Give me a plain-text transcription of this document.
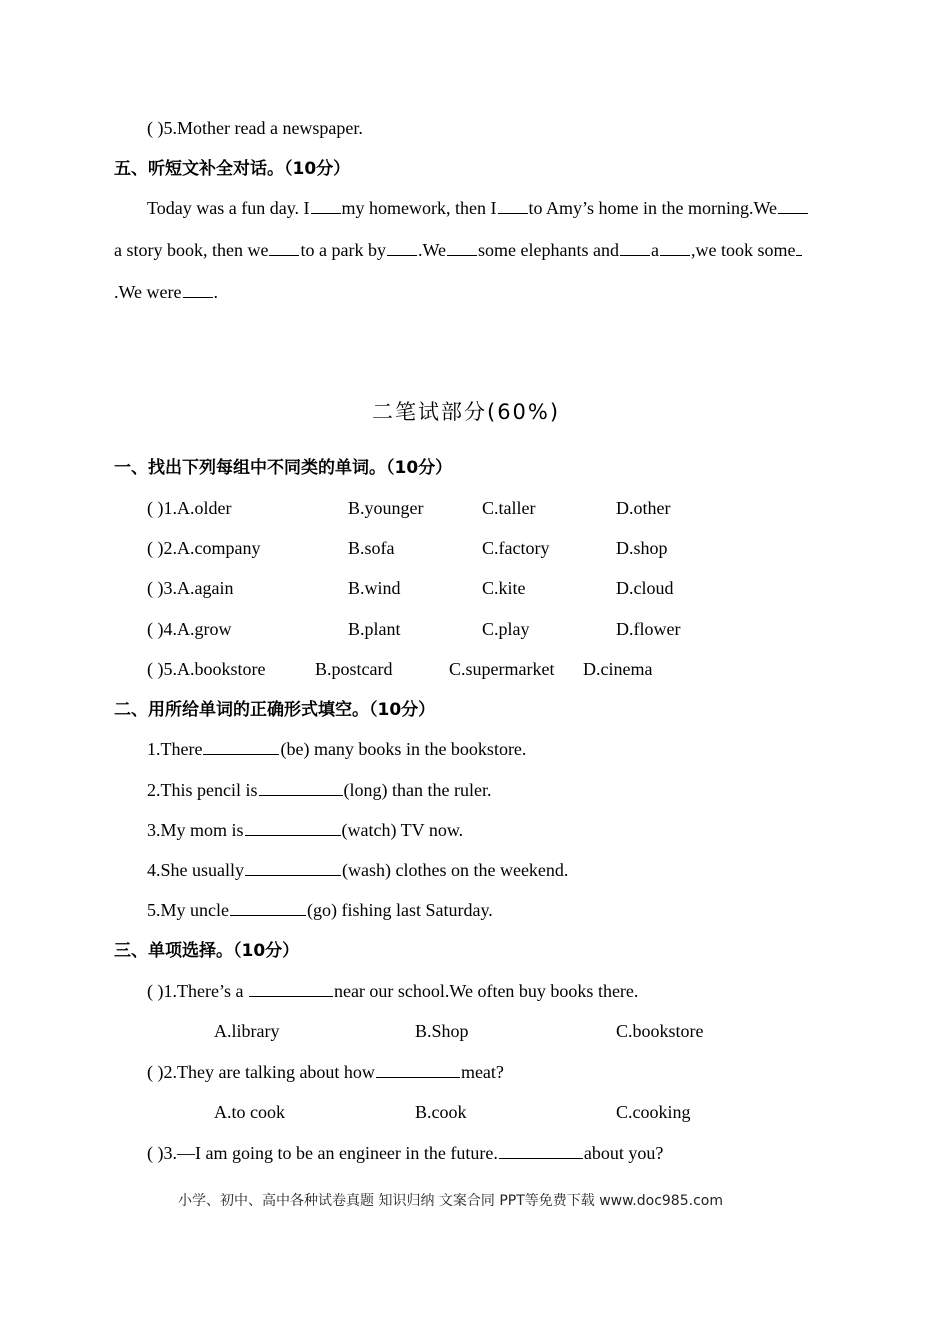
( )5.Mother read a newspaper.
五、听短文补全对话。（10分）
Today was a fun day. I my homework, then I to Amy’s home in the morning.We
a story book, then we to a park by .We some elephants and a ,we took some
.We were .
二笔试部分(60%)
一、找出下列每组中不同类的单词。（10分）
( )1.A.older	B.younger	C.taller	D.other
( )2.A.company	B.sofa	C.factory	D.shop
( )3.A.again	B.wind	C.kite	D.cloud
( )4.A.grow	B.plant	C.play	D.flower
( )5.A.bookstore	B.postcard	C.supermarket D.cinema
二、用所给单词的正确形式填空。（10分）
1.There	(be) many books in the bookstore.
2.This pencil is	(long) than the ruler.
3.My mom is	(watch) TV now.
4.She usually	(wash) clothes on the weekend.
5.My uncle	(go) fishing last Saturday.
三、单项选择。（10分）
( )1.There’s a	near our school.We often buy books there.
A.library	B.Shop	C.bookstore
( )2.They are talking about how	meat?
A.to cook	B.cook	C.cooking
( )3.—I am going to be an engineer in the future.	about you?
小学、初中、高中各种试卷真题 知识归纳 文案合同 PPT等免费下载 www.doc985.com
